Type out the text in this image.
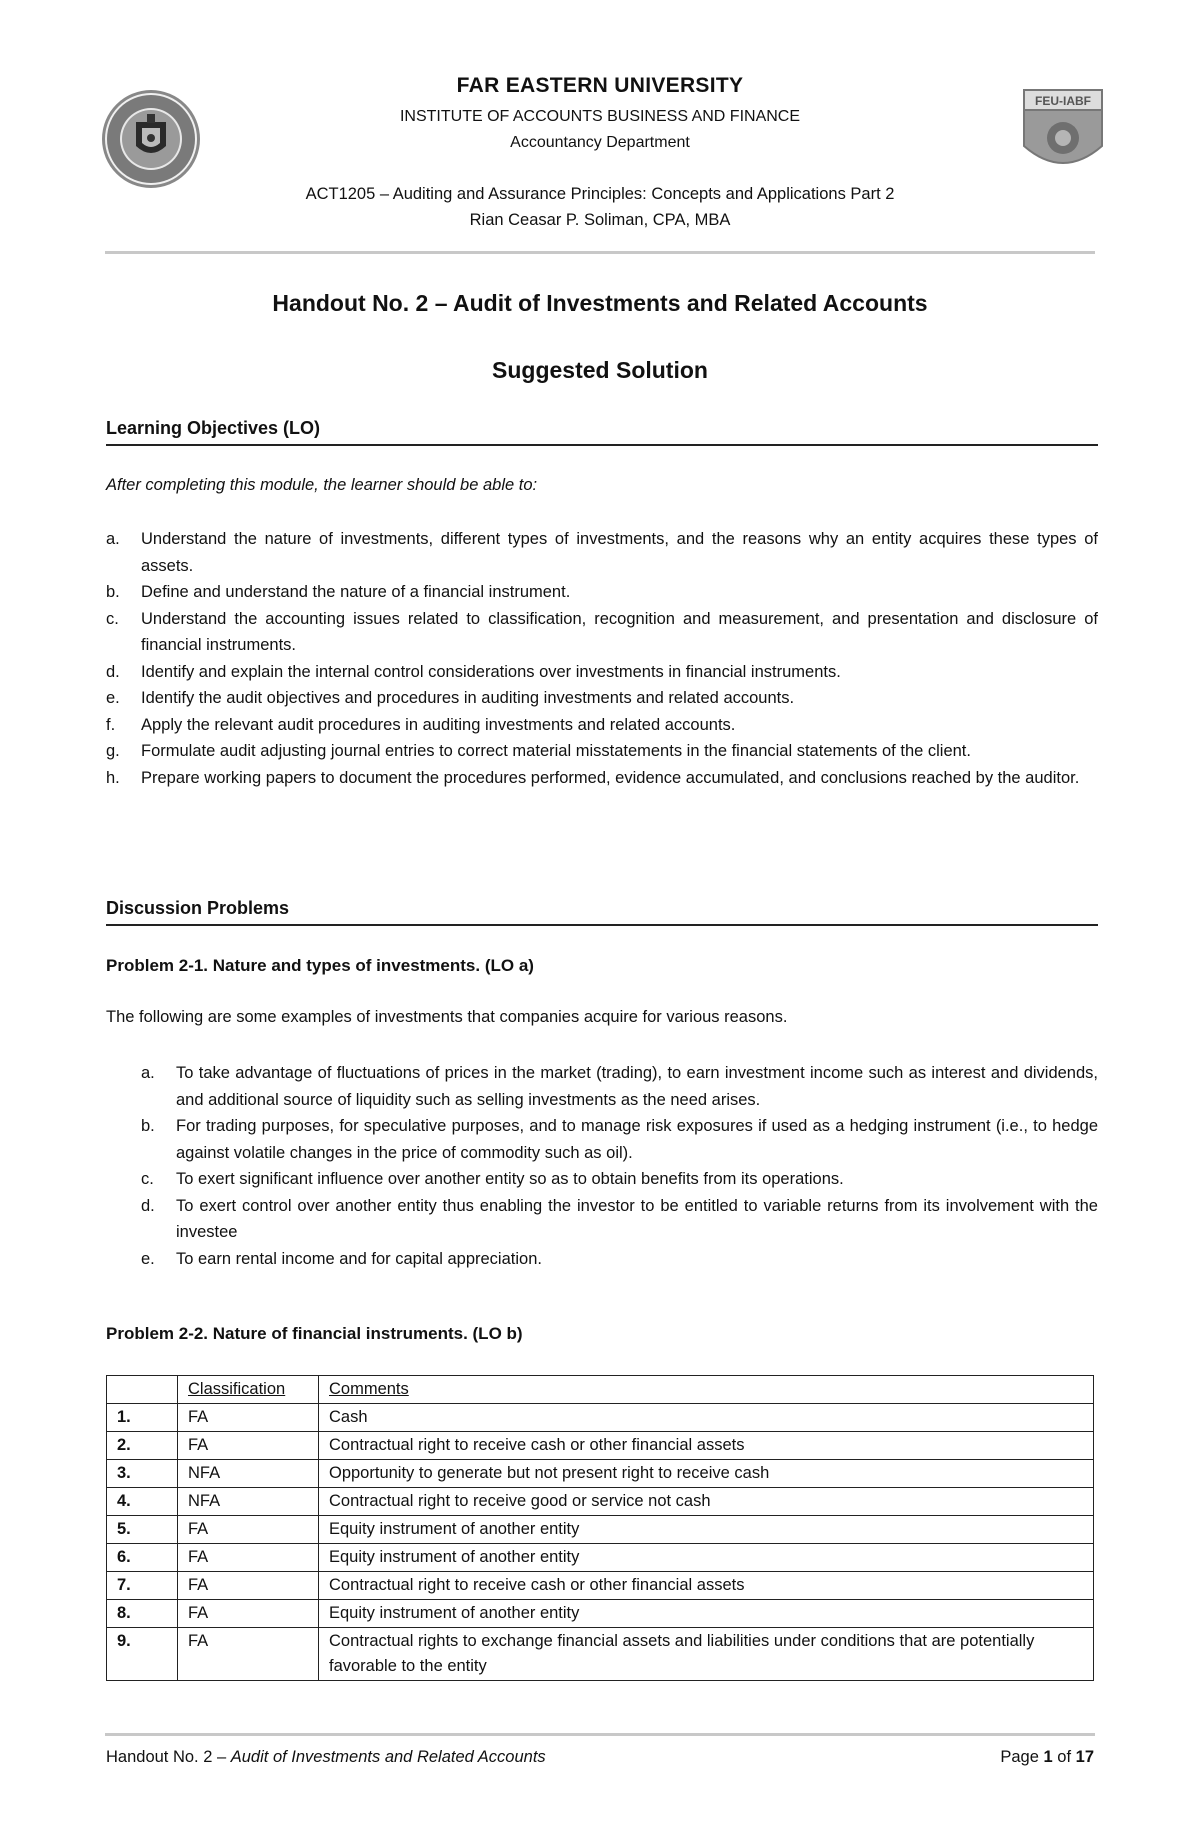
FEU-IABF
FAR EASTERN UNIVERSITY
INSTITUTE OF ACCOUNTS BUSINESS AND FINANCE
Accountancy Department
ACT1205 – Auditing and Assurance Principles: Concepts and Applications Part 2
Rian Ceasar P. Soliman, CPA, MBA
Handout No. 2 – Audit of Investments and Related Accounts
Suggested Solution
Learning Objectives (LO)
After completing this module, the learner should be able to:
a. Understand the nature of investments, different types of investments, and the reasons why an entity acquires these types of assets.
b. Define and understand the nature of a financial instrument.
c. Understand the accounting issues related to classification, recognition and measurement, and presentation and disclosure of financial instruments.
d. Identify and explain the internal control considerations over investments in financial instruments.
e. Identify the audit objectives and procedures in auditing investments and related accounts.
f. Apply the relevant audit procedures in auditing investments and related accounts.
g. Formulate audit adjusting journal entries to correct material misstatements in the financial statements of the client.
h. Prepare working papers to document the procedures performed, evidence accumulated, and conclusions reached by the auditor.
Discussion Problems
Problem 2-1. Nature and types of investments. (LO a)
The following are some examples of investments that companies acquire for various reasons.
a. To take advantage of fluctuations of prices in the market (trading), to earn investment income such as interest and dividends, and additional source of liquidity such as selling investments as the need arises.
b. For trading purposes, for speculative purposes, and to manage risk exposures if used as a hedging instrument (i.e., to hedge against volatile changes in the price of commodity such as oil).
c. To exert significant influence over another entity so as to obtain benefits from its operations.
d. To exert control over another entity thus enabling the investor to be entitled to variable returns from its involvement with the investee
e. To earn rental income and for capital appreciation.
Problem 2-2. Nature of financial instruments. (LO b)
	Classification	Comments
1.	FA	Cash
2.	FA	Contractual right to receive cash or other financial assets
3.	NFA	Opportunity to generate but not present right to receive cash
4.	NFA	Contractual right to receive good or service not cash
5.	FA	Equity instrument of another entity
6.	FA	Equity instrument of another entity
7.	FA	Contractual right to receive cash or other financial assets
8.	FA	Equity instrument of another entity
9.	FA	Contractual rights to exchange financial assets and liabilities under conditions that are potentially favorable to the entity
Handout No. 2 – Audit of Investments and Related Accounts	Page 1 of 17
